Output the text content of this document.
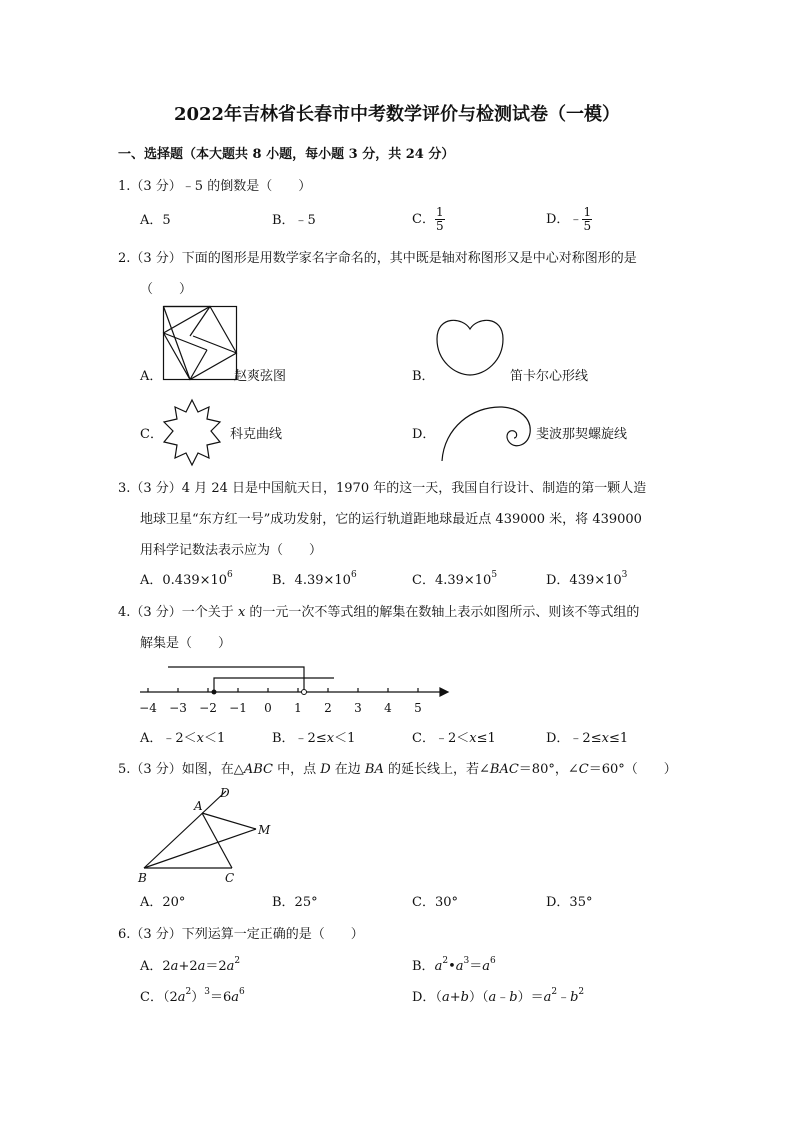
2022年吉林省长春市中考数学评价与检测试卷（一模）
一、选择题（本大题共 8 小题，每小题 3 分，共 24 分）
1.（3 分）﹣5 的倒数是（　　）
A．5	B．﹣5	C． $\frac{1}{5}$	D．﹣ $\frac{1}{5}$
2.（3 分）下面的图形是用数学家名字命名的，其中既是轴对称图形又是中心对称图形的是
（　　）
A．	赵爽弦图	B．	笛卡尔心形线
C．	科克曲线	D．	斐波那契螺旋线
3.（3 分）4 月 24 日是中国航天日，1970 年的这一天，我国自行设计、制造的第一颗人造
地球卫星“东方红一号”成功发射，它的运行轨道距地球最近点 439000 米，将 439000
用科学记数法表示应为（　　）
A．$0.439\times 10^6$	B．$4.39\times 10^6$	C．$4.39\times 10^5$	D．$439\times 10^3$
4.（3 分）一个关于 x 的一元一次不等式组的解集在数轴上表示如图所示、则该不等式组的
解集是（　　）
−4 −3 −2 −1 0 1 2 3 4 5
A．﹣2＜x＜1	B．﹣2≤x＜1	C．﹣2＜x≤1	D．﹣2≤x≤1
5.（3 分）如图，在△ABC 中，点 D 在边 BA 的延长线上，若∠BAC＝80°，∠C＝60°（　　）
A
B	C
D
M
A．20°	B．25°	C．30°	D．35°
6.（3 分）下列运算一定正确的是（　　）
A．$2a+2a=2a^2$	B．$a^2•a^3=a^6$
C．$(2a^2)^3=6a^6$	D．$(a+b)(a﹣b)=a^2﹣b^2$
